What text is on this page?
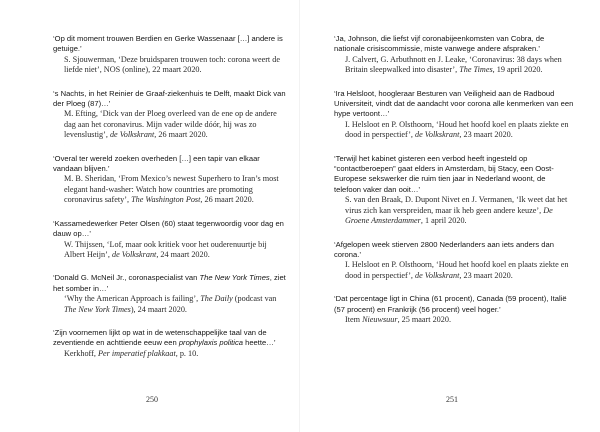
‘Op dit moment trouwen Berdien en Gerke Wassenaar […] andere is getuige.’
S. Sjouwerman, ‘Deze bruidsparen trouwen toch: corona weert de liefde niet’, NOS (online), 22 maart 2020.
‘s Nachts, in het Reinier de Graaf-ziekenhuis te Delft, maakt Dick van der Ploeg (87)…’
M. Efting, ‘Dick van der Ploeg overleed van de ene op de andere dag aan het coronavirus. Mijn vader wilde dóór, hij was zo levenslustig’, de Volkskrant, 26 maart 2020.
‘Overal ter wereld zoeken overheden […] een tapir van elkaar vandaan blijven.’
M. B. Sheridan, ‘From Mexico’s newest Superhero to Iran’s most elegant hand-washer: Watch how countries are promoting coronavirus safety’, The Washington Post, 26 maart 2020.
‘Kassamedewerker Peter Olsen (60) staat tegenwoordig voor dag en dauw op…’
W. Thijssen, ‘Lof, maar ook kritiek voor het ouderenuurtje bij Albert Heijn’, de Volkskrant, 24 maart 2020.
‘Donald G. McNeil Jr., coronaspecialist van The New York Times, ziet het somber in…’
‘Why the American Approach is failing’, The Daily (podcast van The New York Times), 24 maart 2020.
‘Zijn voornemen lijkt op wat in de wetenschappelijke taal van de zeventiende en achttiende eeuw een prophylaxis politica heette…’
Kerkhoff, Per imperatief plakkaat, p. 10.
250
‘Ja, Johnson, die liefst vijf coronabijeenkomsten van Cobra, de nationale crisiscommissie, miste vanwege andere afspraken.’
J. Calvert, G. Arbuthnott en J. Leake, ‘Coronavirus: 38 days when Britain sleepwalked into disaster’, The Times, 19 april 2020.
‘Ira Helsloot, hoogleraar Besturen van Veiligheid aan de Radboud Universiteit, vindt dat de aandacht voor corona alle kenmerken van een hype vertoont…’
I. Helsloot en P. Olsthoorn, ‘Houd het hoofd koel en plaats ziekte en dood in perspectief’, de Volkskrant, 23 maart 2020.
‘Terwijl het kabinet gisteren een verbod heeft ingesteld op “contactberoepen” gaat elders in Amsterdam, bij Stacy, een Oost-Europese sekswerker die ruim tien jaar in Nederland woont, de telefoon vaker dan ooit…’
S. van den Braak, D. Dupont Nivet en J. Vermanen, ‘Ik weet dat het virus zich kan verspreiden, maar ik heb geen andere keuze’, De Groene Amsterdammer, 1 april 2020.
‘Afgelopen week stierven 2800 Nederlanders aan iets anders dan corona.’
I. Helsloot en P. Olsthoorn, ‘Houd het hoofd koel en plaats ziekte en dood in perspectief’, de Volkskrant, 23 maart 2020.
‘Dat percentage ligt in China (61 procent), Canada (59 procent), Italië (57 procent) en Frankrijk (56 procent) veel hoger.’
Item Nieuwsuur, 25 maart 2020.
251
